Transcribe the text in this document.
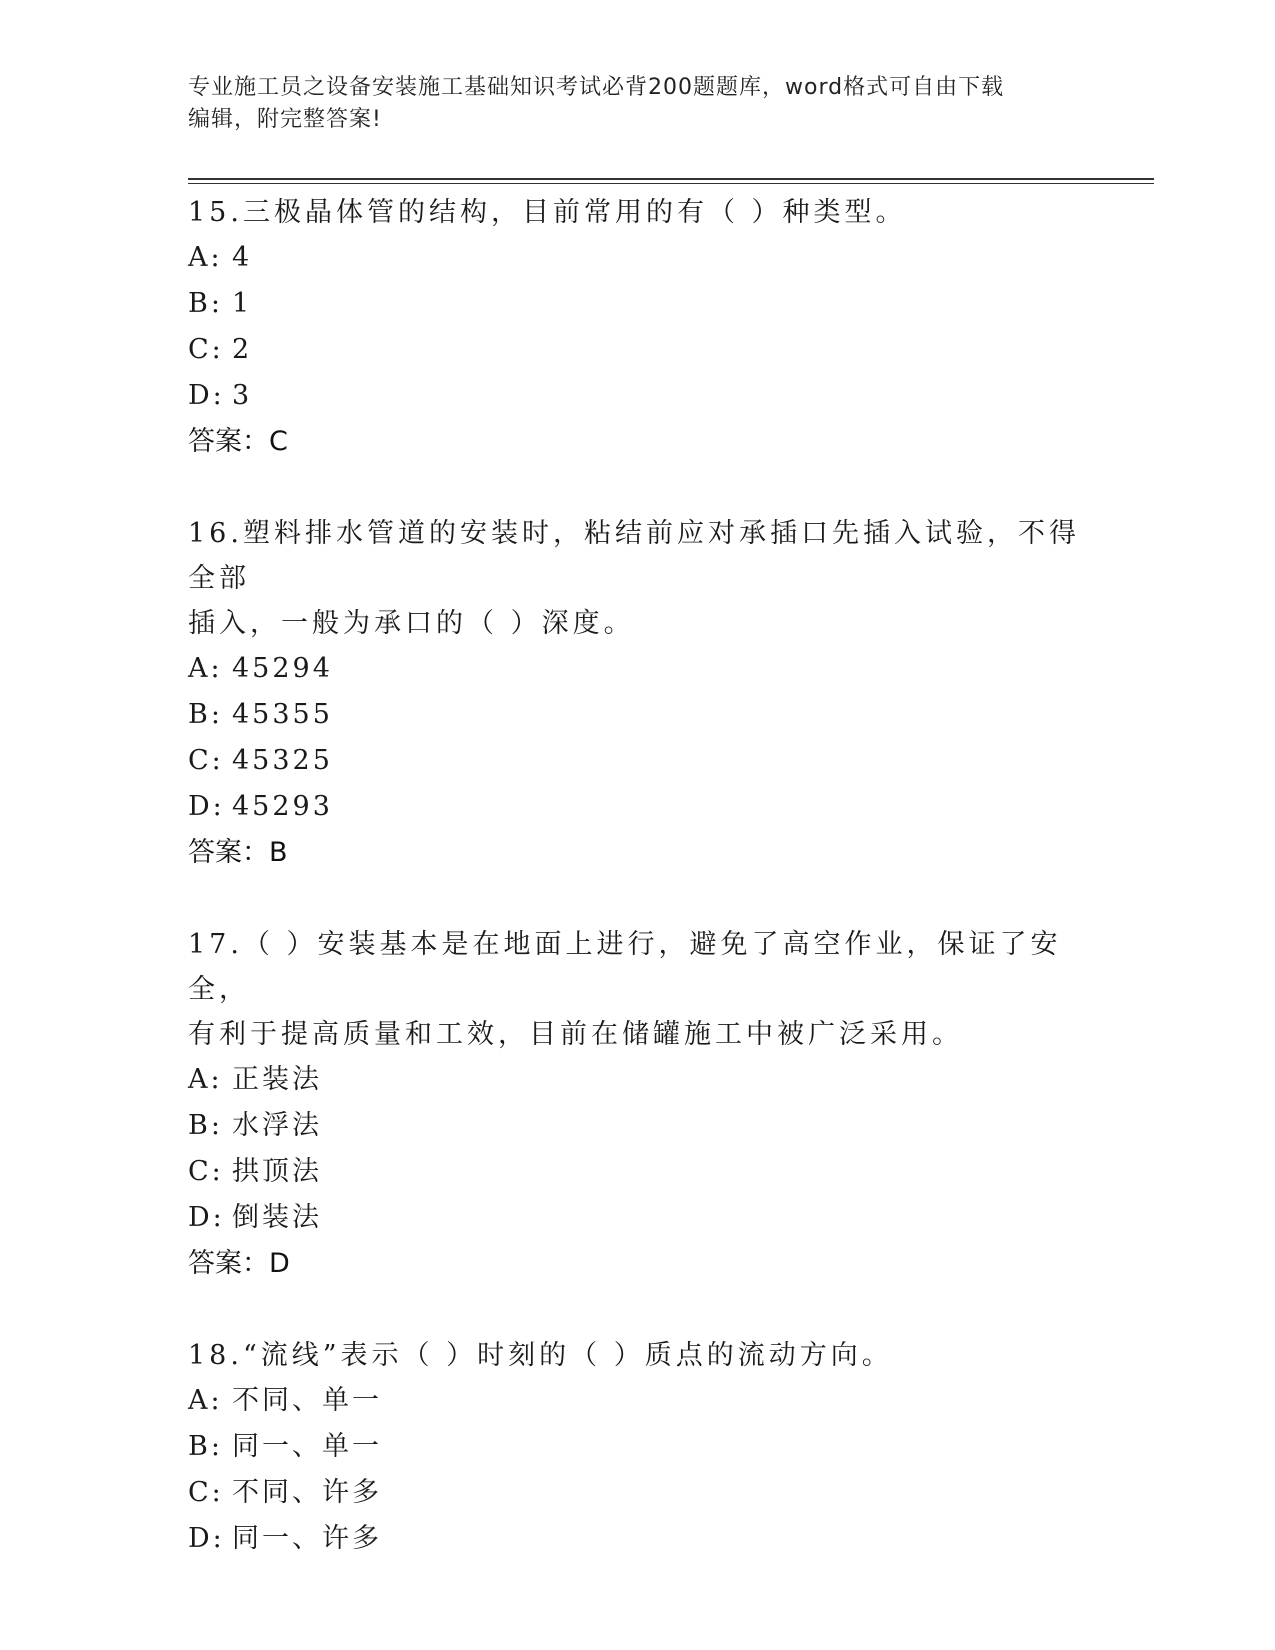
专业施工员之设备安装施工基础知识考试必背200题题库，word格式可自由下载
编辑，附完整答案!
15.三极晶体管的结构，目前常用的有（ ）种类型。
A: 4
B: 1
C: 2
D: 3
答案：C
16.塑料排水管道的安装时，粘结前应对承插口先插入试验，不得全部
插入，一般为承口的（ ）深度。
A: 45294
B: 45355
C: 45325
D: 45293
答案：B
17.（ ）安装基本是在地面上进行，避免了高空作业，保证了安全，
有利于提高质量和工效，目前在储罐施工中被广泛采用。
A: 正装法
B: 水浮法
C: 拱顶法
D: 倒装法
答案：D
18.“流线”表示（ ）时刻的（ ）质点的流动方向。
A: 不同、单一
B: 同一、单一
C: 不同、许多
D: 同一、许多
